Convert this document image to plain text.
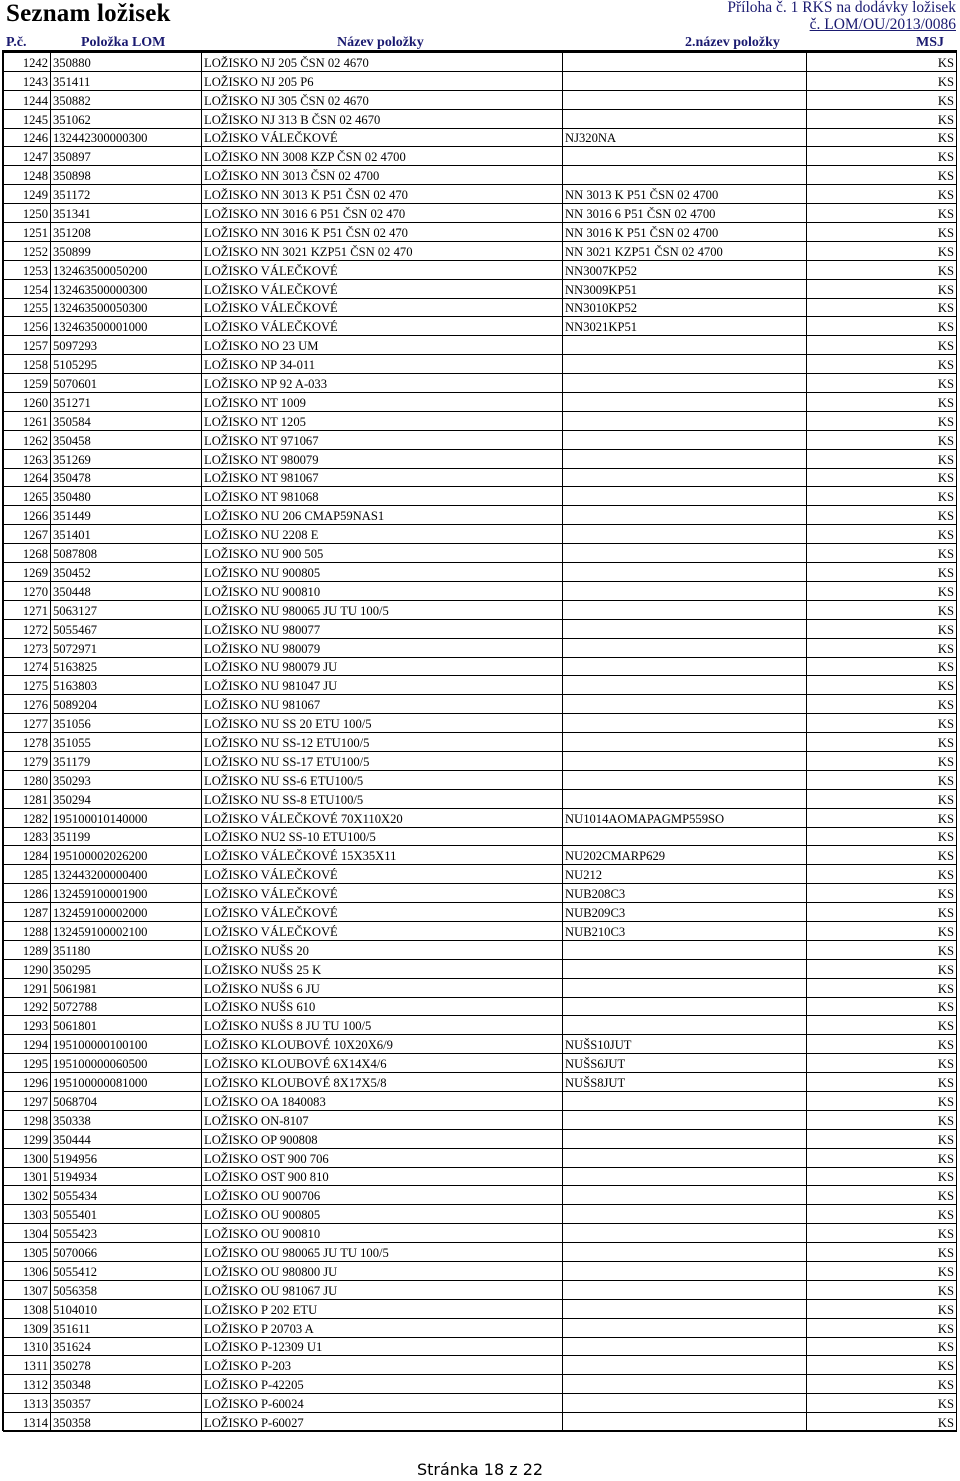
Seznam ložisek	Příloha č. 1 RKS na dodávky ložisek
č. LOM/OU/2013/0086
P.č.	Položka LOM	Název položky	2.název položky	MSJ
1242	350880	LOŽISKO NJ 205 ČSN 02 4670		KS
1243	351411	LOŽISKO NJ 205 P6		KS
1244	350882	LOŽISKO NJ 305 ČSN 02 4670		KS
1245	351062	LOŽISKO NJ 313 B ČSN 02 4670		KS
1246	132442300000300	LOŽISKO VÁLEČKOVÉ	NJ320NA	KS
1247	350897	LOŽISKO NN 3008 KZP ČSN 02 4700		KS
1248	350898	LOŽISKO NN 3013 ČSN 02 4700		KS
1249	351172	LOŽISKO NN 3013 K P51 ČSN 02 470	NN 3013 K P51 ČSN 02 4700	KS
1250	351341	LOŽISKO NN 3016 6 P51 ČSN 02 470	NN 3016 6 P51 ČSN 02 4700	KS
1251	351208	LOŽISKO NN 3016 K P51 ČSN 02 470	NN 3016 K P51 ČSN 02 4700	KS
1252	350899	LOŽISKO NN 3021 KZP51 ČSN 02 470	NN 3021 KZP51 ČSN 02 4700	KS
1253	132463500050200	LOŽISKO VÁLEČKOVÉ	NN3007KP52	KS
1254	132463500000300	LOŽISKO VÁLEČKOVÉ	NN3009KP51	KS
1255	132463500050300	LOŽISKO VÁLEČKOVÉ	NN3010KP52	KS
1256	132463500001000	LOŽISKO VÁLEČKOVÉ	NN3021KP51	KS
1257	5097293	LOŽISKO NO 23 UM		KS
1258	5105295	LOŽISKO NP 34-011		KS
1259	5070601	LOŽISKO NP 92 A-033		KS
1260	351271	LOŽISKO NT 1009		KS
1261	350584	LOŽISKO NT 1205		KS
1262	350458	LOŽISKO NT 971067		KS
1263	351269	LOŽISKO NT 980079		KS
1264	350478	LOŽISKO NT 981067		KS
1265	350480	LOŽISKO NT 981068		KS
1266	351449	LOŽISKO NU 206 CMAP59NAS1		KS
1267	351401	LOŽISKO NU 2208 E		KS
1268	5087808	LOŽISKO NU 900 505		KS
1269	350452	LOŽISKO NU 900805		KS
1270	350448	LOŽISKO NU 900810		KS
1271	5063127	LOŽISKO NU 980065 JU TU 100/5		KS
1272	5055467	LOŽISKO NU 980077		KS
1273	5072971	LOŽISKO NU 980079		KS
1274	5163825	LOŽISKO NU 980079 JU		KS
1275	5163803	LOŽISKO NU 981047 JU		KS
1276	5089204	LOŽISKO NU 981067		KS
1277	351056	LOŽISKO NU SS 20 ETU 100/5		KS
1278	351055	LOŽISKO NU SS-12 ETU100/5		KS
1279	351179	LOŽISKO NU SS-17 ETU100/5		KS
1280	350293	LOŽISKO NU SS-6 ETU100/5		KS
1281	350294	LOŽISKO NU SS-8 ETU100/5		KS
1282	195100010140000	LOŽISKO VÁLEČKOVÉ 70X110X20	NU1014AOMAPAGMP559SO	KS
1283	351199	LOŽISKO NU2 SS-10 ETU100/5		KS
1284	195100002026200	LOŽISKO VÁLEČKOVÉ 15X35X11	NU202CMARP629	KS
1285	132443200000400	LOŽISKO VÁLEČKOVÉ	NU212	KS
1286	132459100001900	LOŽISKO VÁLEČKOVÉ	NUB208C3	KS
1287	132459100002000	LOŽISKO VÁLEČKOVÉ	NUB209C3	KS
1288	132459100002100	LOŽISKO VÁLEČKOVÉ	NUB210C3	KS
1289	351180	LOŽISKO NUŠS 20		KS
1290	350295	LOŽISKO NUŠS 25 K		KS
1291	5061981	LOŽISKO NUŠS 6 JU		KS
1292	5072788	LOŽISKO NUŠS 610		KS
1293	5061801	LOŽISKO NUŠS 8 JU TU 100/5		KS
1294	195100000100100	LOŽISKO KLOUBOVÉ 10X20X6/9	NUŠS10JUT	KS
1295	195100000060500	LOŽISKO KLOUBOVÉ 6X14X4/6	NUŠS6JUT	KS
1296	195100000081000	LOŽISKO KLOUBOVÉ 8X17X5/8	NUŠS8JUT	KS
1297	5068704	LOŽISKO OA 1840083		KS
1298	350338	LOŽISKO ON-8107		KS
1299	350444	LOŽISKO OP 900808		KS
1300	5194956	LOŽISKO OST 900 706		KS
1301	5194934	LOŽISKO OST 900 810		KS
1302	5055434	LOŽISKO OU 900706		KS
1303	5055401	LOŽISKO OU 900805		KS
1304	5055423	LOŽISKO OU 900810		KS
1305	5070066	LOŽISKO OU 980065 JU TU 100/5		KS
1306	5055412	LOŽISKO OU 980800 JU		KS
1307	5056358	LOŽISKO OU 981067 JU		KS
1308	5104010	LOŽISKO P 202 ETU		KS
1309	351611	LOŽISKO P 20703 A		KS
1310	351624	LOŽISKO P-12309 U1		KS
1311	350278	LOŽISKO P-203		KS
1312	350348	LOŽISKO P-42205		KS
1313	350357	LOŽISKO P-60024		KS
1314	350358	LOŽISKO P-60027		KS
Stránka 18 z 22
